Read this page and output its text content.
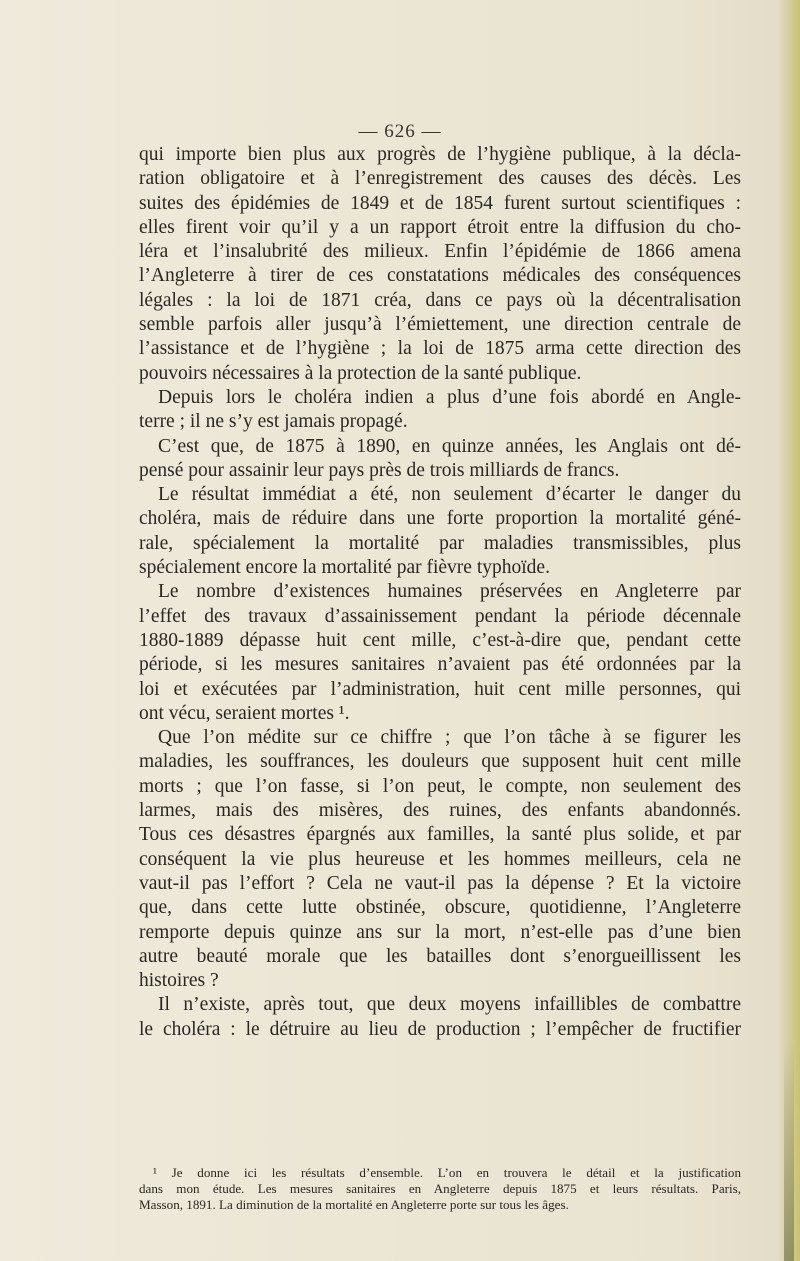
— 626 —
qui importe bien plus aux progrès de l’hygiène publique, à la décla-
ration obligatoire et à l’enregistrement des causes des décès. Les
suites des épidémies de 1849 et de 1854 furent surtout scientifiques :
elles firent voir qu’il y a un rapport étroit entre la diffusion du cho-
léra et l’insalubrité des milieux. Enfin l’épidémie de 1866 amena
l’Angleterre à tirer de ces constatations médicales des conséquences
légales : la loi de 1871 créa, dans ce pays où la décentralisation
semble parfois aller jusqu’à l’émiettement, une direction centrale de
l’assistance et de l’hygiène ; la loi de 1875 arma cette direction des
pouvoirs nécessaires à la protection de la santé publique.
Depuis lors le choléra indien a plus d’une fois abordé en Angle-
terre ; il ne s’y est jamais propagé.
C’est que, de 1875 à 1890, en quinze années, les Anglais ont dé-
pensé pour assainir leur pays près de trois milliards de francs.
Le résultat immédiat a été, non seulement d’écarter le danger du
choléra, mais de réduire dans une forte proportion la mortalité géné-
rale, spécialement la mortalité par maladies transmissibles, plus
spécialement encore la mortalité par fièvre typhoïde.
Le nombre d’existences humaines préservées en Angleterre par
l’effet des travaux d’assainissement pendant la période décennale
1880-1889 dépasse huit cent mille, c’est-à-dire que, pendant cette
période, si les mesures sanitaires n’avaient pas été ordonnées par la
loi et exécutées par l’administration, huit cent mille personnes, qui
ont vécu, seraient mortes ¹.
Que l’on médite sur ce chiffre ; que l’on tâche à se figurer les
maladies, les souffrances, les douleurs que supposent huit cent mille
morts ; que l’on fasse, si l’on peut, le compte, non seulement des
larmes, mais des misères, des ruines, des enfants abandonnés.
Tous ces désastres épargnés aux familles, la santé plus solide, et par
conséquent la vie plus heureuse et les hommes meilleurs, cela ne
vaut-il pas l’effort ? Cela ne vaut-il pas la dépense ? Et la victoire
que, dans cette lutte obstinée, obscure, quotidienne, l’Angleterre
remporte depuis quinze ans sur la mort, n’est-elle pas d’une bien
autre beauté morale que les batailles dont s’enorgueillissent les
histoires ?
Il n’existe, après tout, que deux moyens infaillibles de combattre
le choléra : le détruire au lieu de production ; l’empêcher de fructifier
¹ Je donne ici les résultats d’ensemble. L’on en trouvera le détail et la justification
dans mon étude. Les mesures sanitaires en Angleterre depuis 1875 et leurs résultats. Paris,
Masson, 1891. La diminution de la mortalité en Angleterre porte sur tous les âges.
